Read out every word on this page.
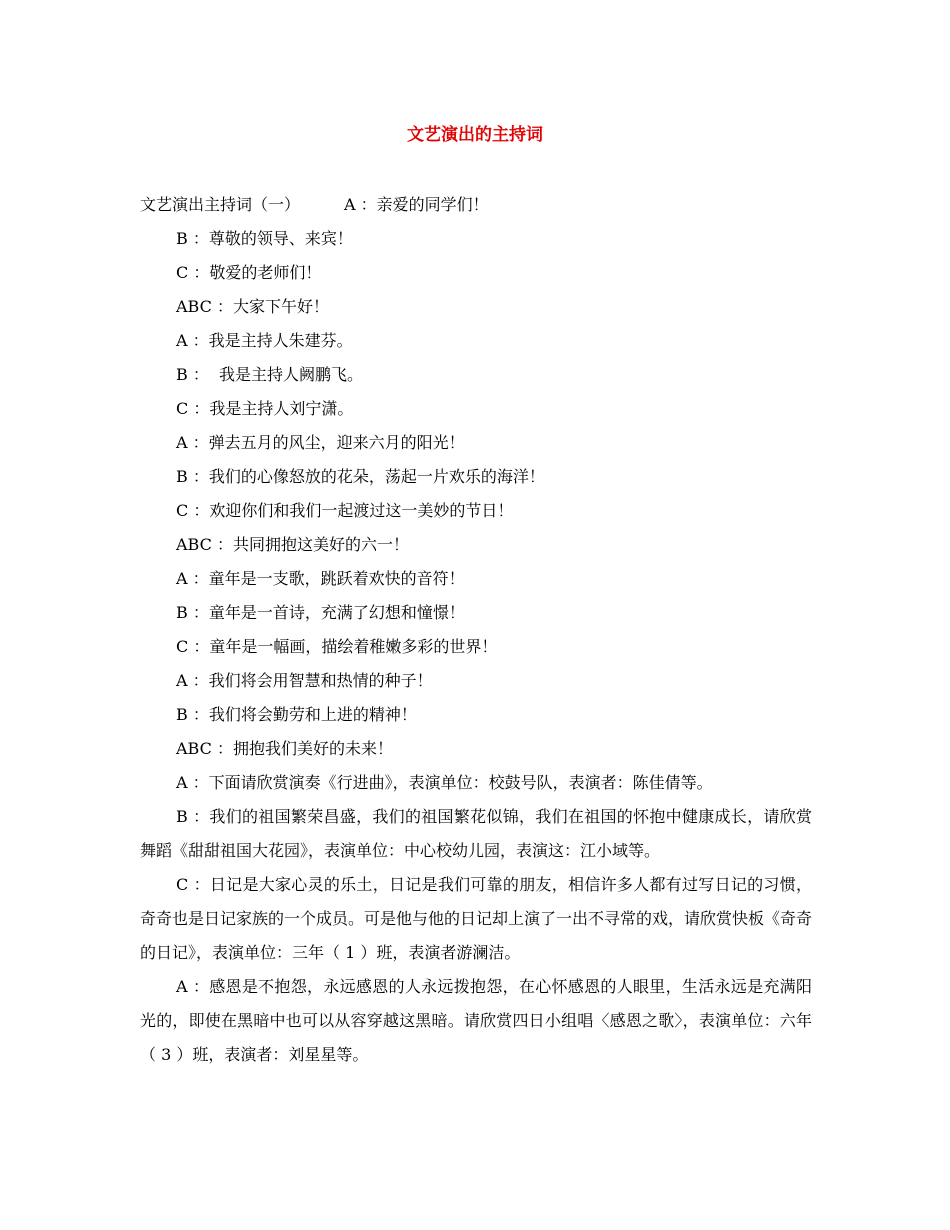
文艺演出的主持词
文艺演出主持词（一）	A ：亲爱的同学们！
B ：尊敬的领导、来宾！
C ：敬爱的老师们！
ABC ：大家下午好！
A ：我是主持人朱建芬。
B ：  我是主持人阙鹏飞。
C ：我是主持人刘宁潇。
A ：弹去五月的风尘，迎来六月的阳光！
B ：我们的心像怒放的花朵，荡起一片欢乐的海洋！
C ：欢迎你们和我们一起渡过这一美妙的节日！
ABC ：共同拥抱这美好的六一！
A ：童年是一支歌，跳跃着欢快的音符！
B ：童年是一首诗，充满了幻想和憧憬！
C ：童年是一幅画，描绘着稚嫩多彩的世界！
A ：我们将会用智慧和热情的种子！
B ：我们将会勤劳和上进的精神！
ABC ：拥抱我们美好的未来！
A ：下面请欣赏演奏《行进曲》，表演单位：校鼓号队，表演者：陈佳倩等。
B ：我们的祖国繁荣昌盛，我们的祖国繁花似锦，我们在祖国的怀抱中健康成长，请欣赏舞蹈《甜甜祖国大花园》，表演单位：中心校幼儿园，表演这：江小域等。
C ：日记是大家心灵的乐土，日记是我们可靠的朋友，相信许多人都有过写日记的习惯，奇奇也是日记家族的一个成员。可是他与他的日记却上演了一出不寻常的戏，请欣赏快板《奇奇的日记》，表演单位：三年（ 1 ）班，表演者游澜洁。
A ：感恩是不抱怨，永远感恩的人永远拨抱怨，在心怀感恩的人眼里，生活永远是充满阳光的，即使在黑暗中也可以从容穿越这黑暗。请欣赏四日小组唱〈感恩之歌〉，表演单位：六年（ 3 ）班，表演者：刘星星等。
